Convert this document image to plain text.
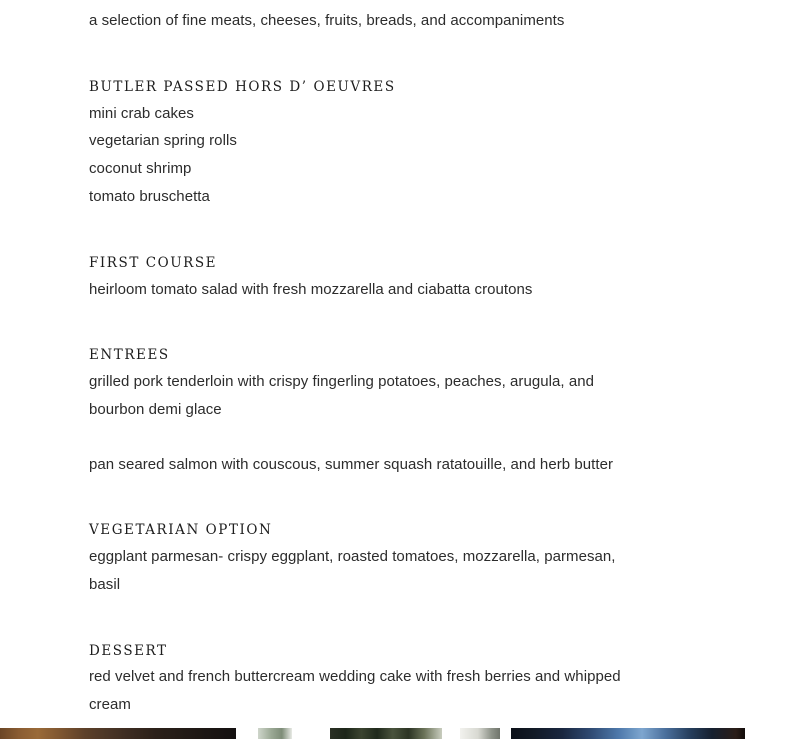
a selection of fine meats, cheeses, fruits, breads, and accompaniments

BUTLER PASSED HORS D’ OEUVRES

mini crab cakes

vegetarian spring rolls

coconut shrimp

tomato bruschetta

FIRST COURSE

heirloom tomato salad with fresh mozzarella and ciabatta croutons

ENTREES

grilled pork tenderloin with crispy fingerling potatoes, peaches, arugula, and bourbon demi glace

pan seared salmon with couscous, summer squash ratatouille, and herb butter

VEGETARIAN OPTION

eggplant parmesan- crispy eggplant, roasted tomatoes, mozzarella, parmesan, basil

DESSERT

red velvet and french buttercream wedding cake with fresh berries and whipped cream
